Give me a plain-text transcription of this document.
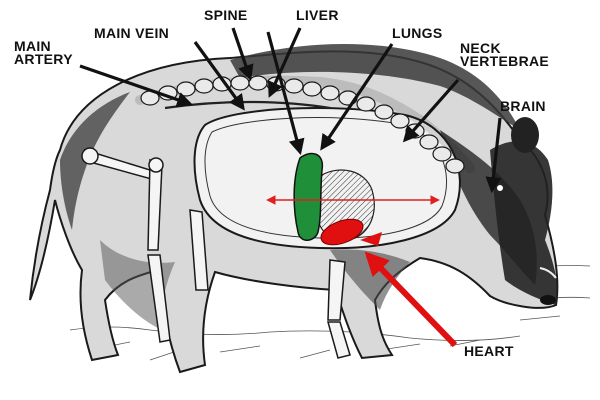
SPINE	LIVER
MAIN VEIN	LUNGS
MAIN
ARTERY
NECK
VERTEBRAE
BRAIN
HEART
